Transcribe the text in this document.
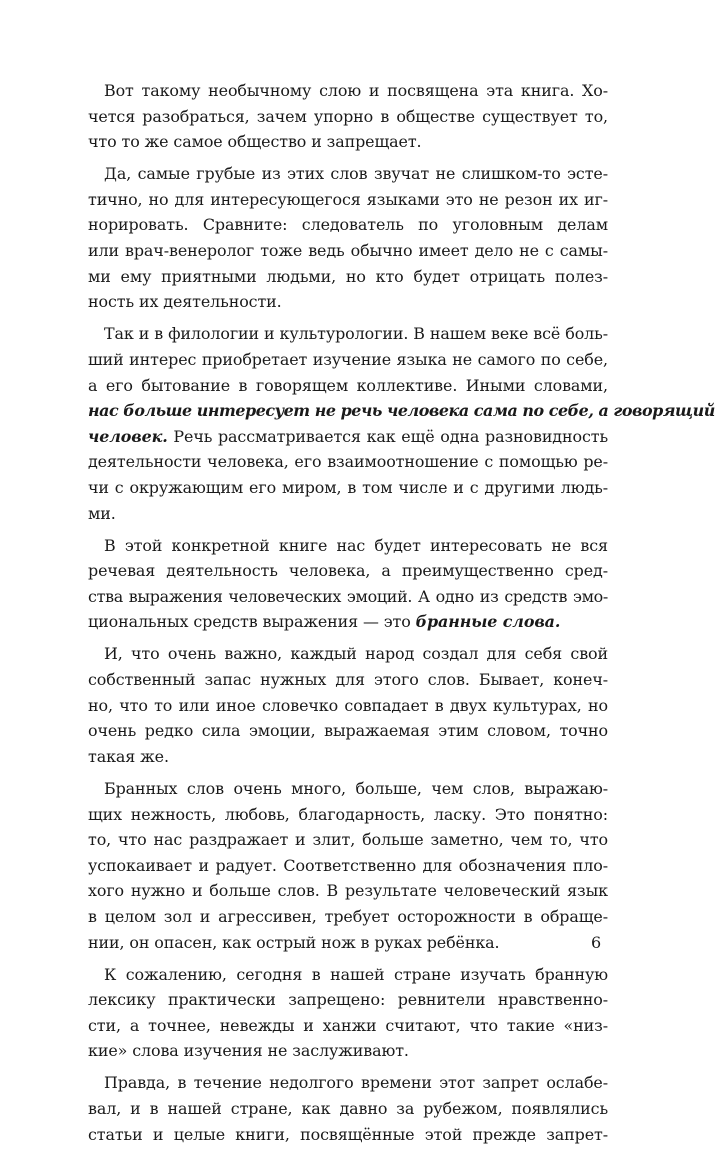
Вот такому необычному слою и посвящена эта книга. Хо-
чется разобраться, зачем упорно в обществе существует то,
что то же самое общество и запрещает.
Да, самые грубые из этих слов звучат не слишком-то эсте-
тично, но для интересующегося языками это не резон их иг-
норировать. Сравните: следователь по уголовным делам
или врач-венеролог тоже ведь обычно имеет дело не с самы-
ми ему приятными людьми, но кто будет отрицать полез-
ность их деятельности.
Так и в филологии и культурологии. В нашем веке всё боль-
ший интерес приобретает изучение языка не самого по себе,
а его бытование в говорящем коллективе. Иными словами,
нас больше интересует не речь человека сама по себе, а говорящий
человек. Речь рассматривается как ещё одна разновидность
деятельности человека, его взаимоотношение с помощью ре-
чи с окружающим его миром, в том числе и с другими людь-
ми.
В этой конкретной книге нас будет интересовать не вся
речевая деятельность человека, а преимущественно сред-
ства выражения человеческих эмоций. А одно из средств эмо-
циональных средств выражения — это бранные слова.
И, что очень важно, каждый народ создал для себя свой
собственный запас нужных для этого слов. Бывает, конеч-
но, что то или иное словечко совпадает в двух культурах, но
очень редко сила эмоции, выражаемая этим словом, точно
такая же.
Бранных слов очень много, больше, чем слов, выражаю-
щих нежность, любовь, благодарность, ласку. Это понятно:
то, что нас раздражает и злит, больше заметно, чем то, что
успокаивает и радует. Соответственно для обозначения пло-
хого нужно и больше слов. В результате человеческий язык
в целом зол и агрессивен, требует осторожности в обраще-
нии, он опасен, как острый нож в руках ребёнка.
К сожалению, сегодня в нашей стране изучать бранную
лексику практически запрещено: ревнители нравственно-
сти, а точнее, невежды и ханжи считают, что такие «низ-
кие» слова изучения не заслуживают.
Правда, в течение недолгого времени этот запрет ослабе-
вал, и в нашей стране, как давно за рубежом, появлялись
статьи и целые книги, посвящённые этой прежде запрет-
6
